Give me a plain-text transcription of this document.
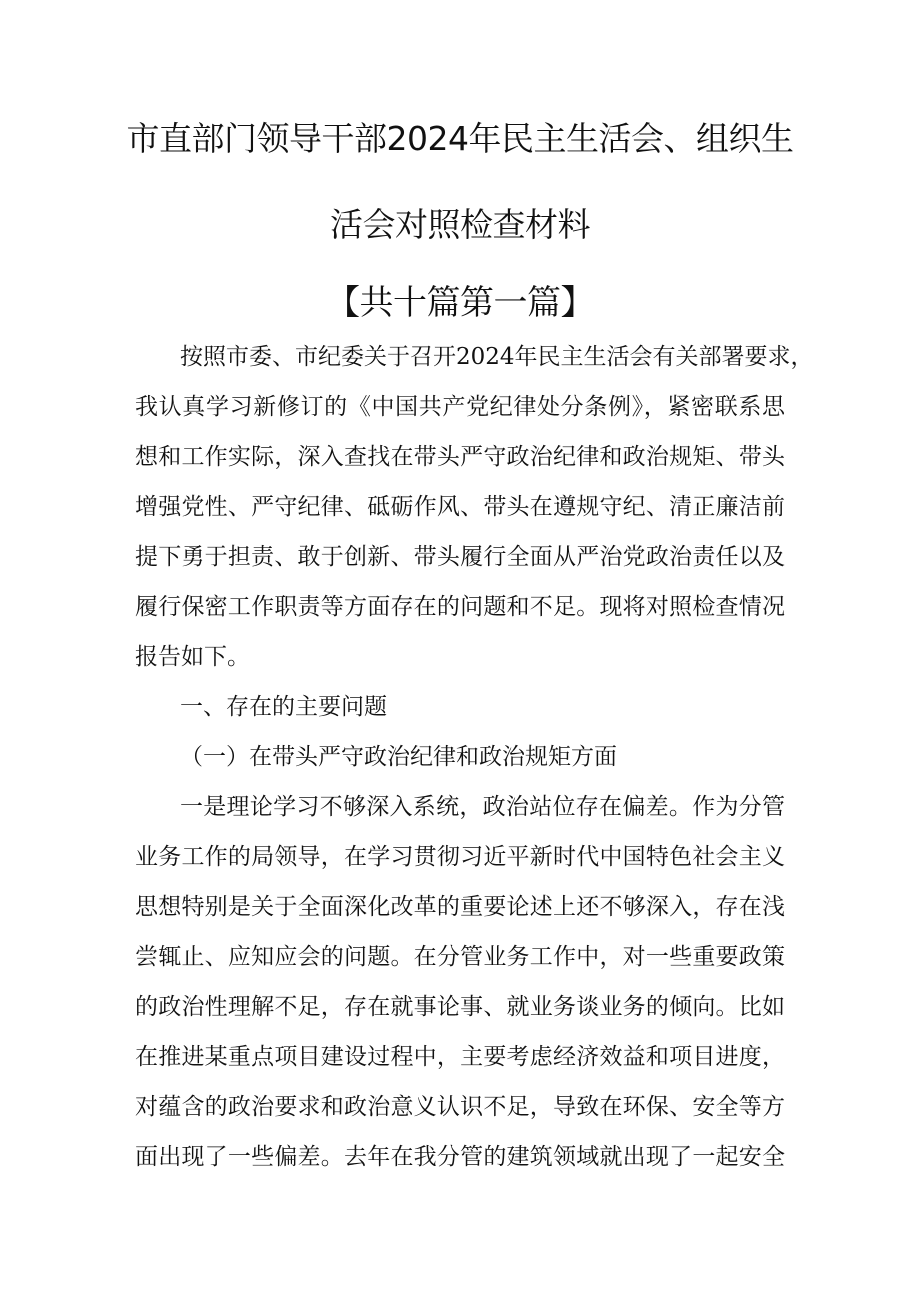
市直部门领导干部2024年民主生活会、组织生
活会对照检查材料
【共十篇第一篇】
按照市委、市纪委关于召开2024年民主生活会有关部署要求，
我认真学习新修订的《中国共产党纪律处分条例》，紧密联系思
想和工作实际，深入查找在带头严守政治纪律和政治规矩、带头
增强党性、严守纪律、砥砺作风、带头在遵规守纪、清正廉洁前
提下勇于担责、敢于创新、带头履行全面从严治党政治责任以及
履行保密工作职责等方面存在的问题和不足。现将对照检查情况
报告如下。
一、存在的主要问题
（一）在带头严守政治纪律和政治规矩方面
一是理论学习不够深入系统，政治站位存在偏差。作为分管
业务工作的局领导，在学习贯彻习近平新时代中国特色社会主义
思想特别是关于全面深化改革的重要论述上还不够深入，存在浅
尝辄止、应知应会的问题。在分管业务工作中，对一些重要政策
的政治性理解不足，存在就事论事、就业务谈业务的倾向。比如
在推进某重点项目建设过程中，主要考虑经济效益和项目进度，
对蕴含的政治要求和政治意义认识不足，导致在环保、安全等方
面出现了一些偏差。去年在我分管的建筑领域就出现了一起安全
